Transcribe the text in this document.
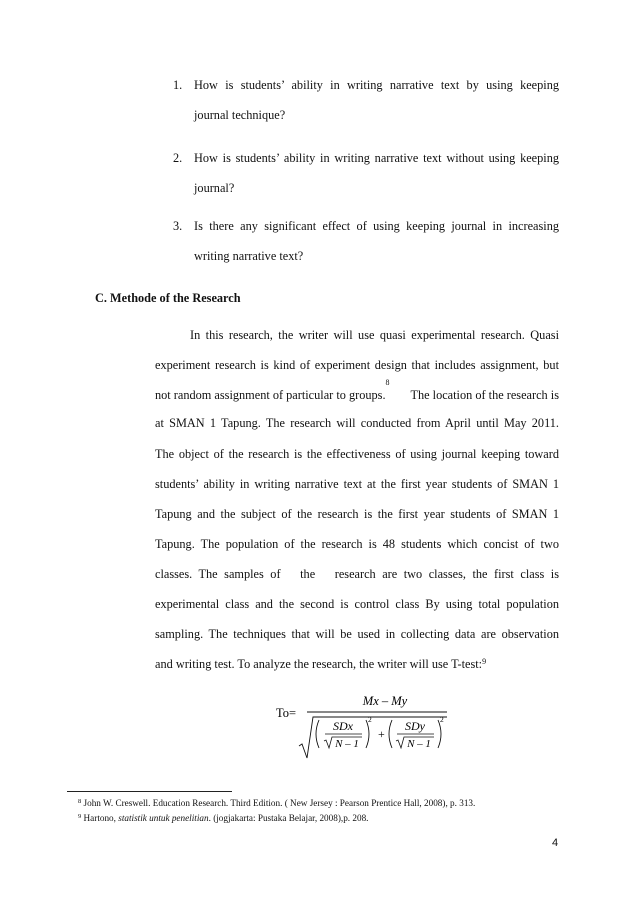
1. How is students’ ability in writing narrative text by using keeping
journal technique?
2. How is students’ ability in writing narrative text without using keeping
journal?
3. Is there any significant effect of using keeping journal in increasing
writing narrative text?
C. Methode of the Research
In this research, the writer will use quasi experimental research. Quasi
experiment research is kind of experiment design that includes assignment, but
not random assignment of particular to groups.
$^8$
The location of the research is
at SMAN 1 Tapung. The research will conducted from April until May 2011.
The object of the research is the effectiveness of using journal keeping toward
students’ ability in writing narrative text at the first year students of SMAN 1
Tapung and the subject of the research is the first year students of SMAN 1
Tapung. The population of the research is 48 students which concist of two
classes. The samples of   the   research are two classes, the first class is
experimental class and the second is control class By using total population
sampling. The techniques that will be used in collecting data are observation
and writing test. To analyze the research, the writer will use T-test:$^9$
To=
Mx – My
SDx
N – 1
2
+
SDy
N – 1
2
$^8$ John W. Creswell. Education Research. Third Edition. ( New Jersey : Pearson Prentice Hall, 2008), p. 313.
$^9$ Hartono, statistik untuk penelitian. (jogjakarta: Pustaka Belajar, 2008),p. 208.
4
